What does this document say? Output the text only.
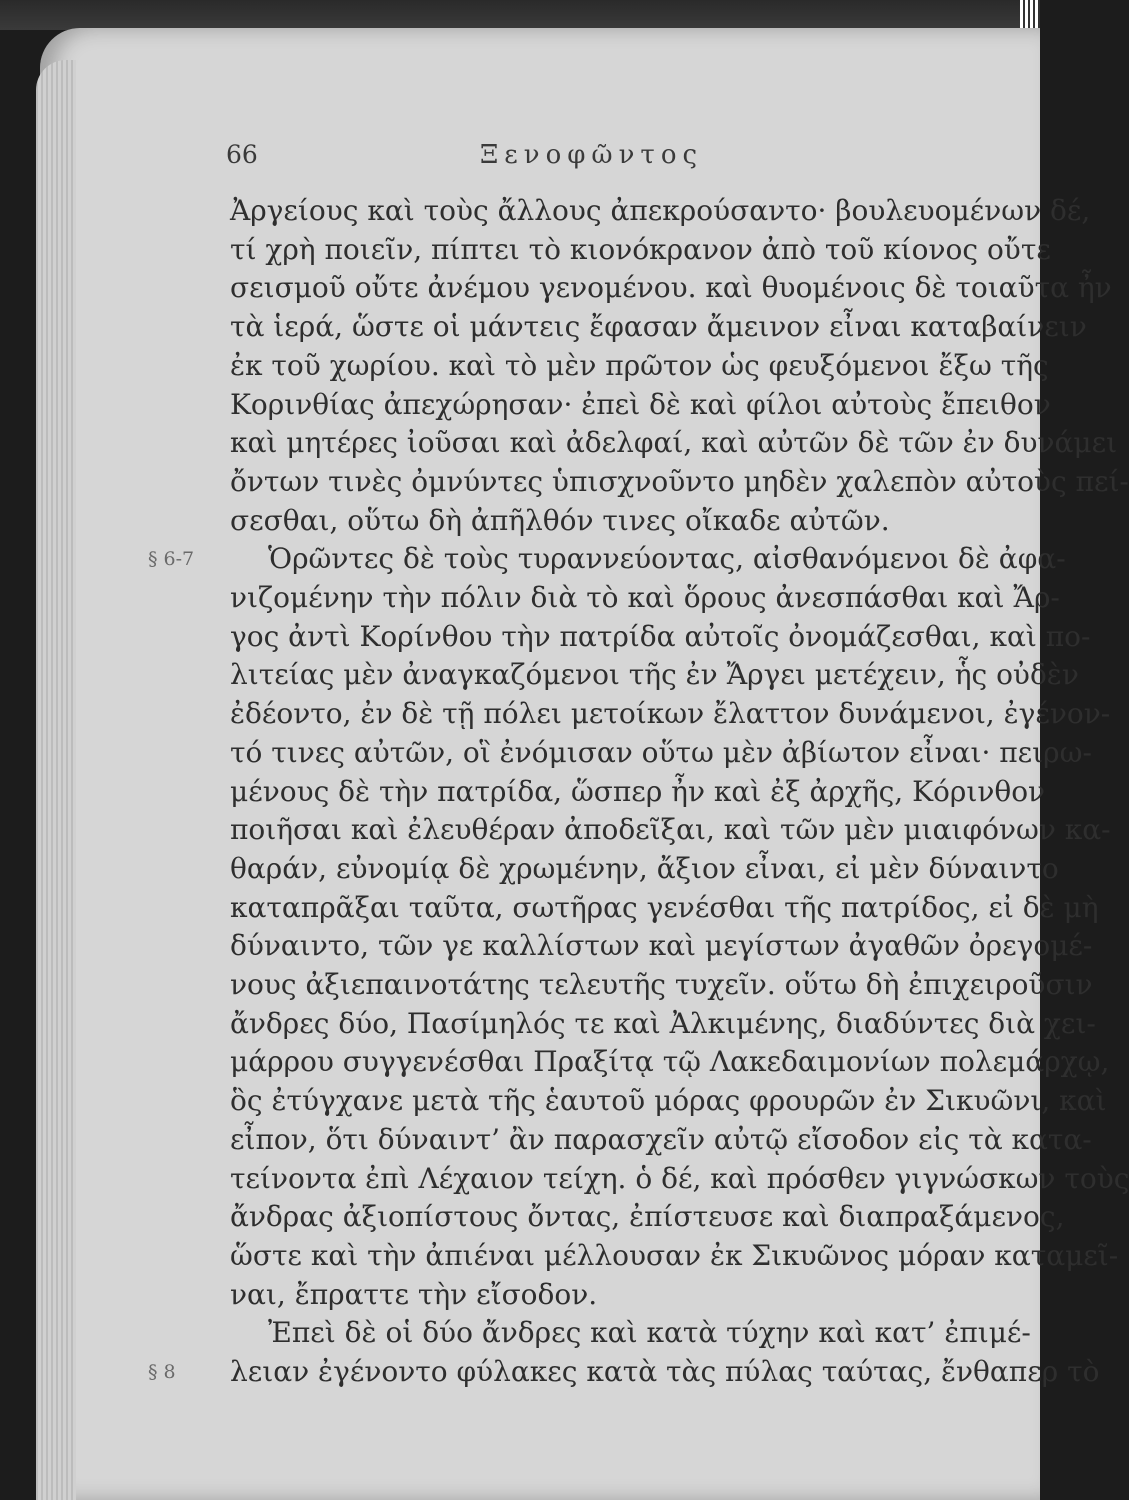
66	Ξενοφῶντος
Ἀργείους καὶ τοὺς ἄλλους ἀπεκρούσαντο· βουλευομένων δέ,
τί χρὴ ποιεῖν, πίπτει τὸ κιονόκρανον ἀπὸ τοῦ κίονος οὔτε
σεισμοῦ οὔτε ἀνέμου γενομένου. καὶ θυομένοις δὲ τοιαῦτα ἦν
τὰ ἱερά, ὥστε οἱ μάντεις ἔφασαν ἄμεινον εἶναι καταβαίνειν
ἐκ τοῦ χωρίου. καὶ τὸ μὲν πρῶτον ὡς φευξόμενοι ἔξω τῆς
Κορινθίας ἀπεχώρησαν· ἐπεὶ δὲ καὶ φίλοι αὐτοὺς ἔπειθον
καὶ μητέρες ἰοῦσαι καὶ ἀδελφαί, καὶ αὐτῶν δὲ τῶν ἐν δυνάμει
ὄντων τινὲς ὀμνύντες ὑπισχνοῦντο μηδὲν χαλεπὸν αὐτοὺς πεί-
σεσθαι, οὕτω δὴ ἀπῆλθόν τινες οἴκαδε αὐτῶν.
Ὁρῶντες δὲ τοὺς τυραννεύοντας, αἰσθανόμενοι δὲ ἀφα-
νιζομένην τὴν πόλιν διὰ τὸ καὶ ὅρους ἀνεσπάσθαι καὶ Ἄρ-
γος ἀντὶ Κορίνθου τὴν πατρίδα αὐτοῖς ὀνομάζεσθαι, καὶ πο-
λιτείας μὲν ἀναγκαζόμενοι τῆς ἐν Ἄργει μετέχειν, ἧς οὐδὲν
ἐδέοντο, ἐν δὲ τῇ πόλει μετοίκων ἔλαττον δυνάμενοι, ἐγένον-
τό τινες αὐτῶν, οἳ ἐνόμισαν οὕτω μὲν ἀβίωτον εἶναι· πειρω-
μένους δὲ τὴν πατρίδα, ὥσπερ ἦν καὶ ἐξ ἀρχῆς, Κόρινθον
ποιῆσαι καὶ ἐλευθέραν ἀποδεῖξαι, καὶ τῶν μὲν μιαιφόνων κα-
θαράν, εὐνομίᾳ δὲ χρωμένην, ἄξιον εἶναι, εἰ μὲν δύναιντο
καταπρᾶξαι ταῦτα, σωτῆρας γενέσθαι τῆς πατρίδος, εἰ δὲ μὴ
δύναιντο, τῶν γε καλλίστων καὶ μεγίστων ἀγαθῶν ὀρεγομέ-
νους ἀξιεπαινοτάτης τελευτῆς τυχεῖν. οὕτω δὴ ἐπιχειροῦσιν
ἄνδρες δύο, Πασίμηλός τε καὶ Ἀλκιμένης, διαδύντες διὰ χει-
μάρρου συγγενέσθαι Πραξίτᾳ τῷ Λακεδαιμονίων πολεμάρχῳ,
ὃς ἐτύγχανε μετὰ τῆς ἑαυτοῦ μόρας φρουρῶν ἐν Σικυῶνι, καὶ
εἶπον, ὅτι δύναιντ’ ἂν παρασχεῖν αὐτῷ εἴσοδον εἰς τὰ κατα-
τείνοντα ἐπὶ Λέχαιον τείχη. ὁ δέ, καὶ πρόσθεν γιγνώσκων τοὺς
ἄνδρας ἀξιοπίστους ὄντας, ἐπίστευσε καὶ διαπραξάμενος,
ὥστε καὶ τὴν ἀπιέναι μέλλουσαν ἐκ Σικυῶνος μόραν καταμεῖ-
ναι, ἔπραττε τὴν εἴσοδον.
Ἐπεὶ δὲ οἱ δύο ἄνδρες καὶ κατὰ τύχην καὶ κατ’ ἐπιμέ-
λειαν ἐγένοντο φύλακες κατὰ τὰς πύλας ταύτας, ἔνθαπερ τὸ
§ 6-7
§ 8
